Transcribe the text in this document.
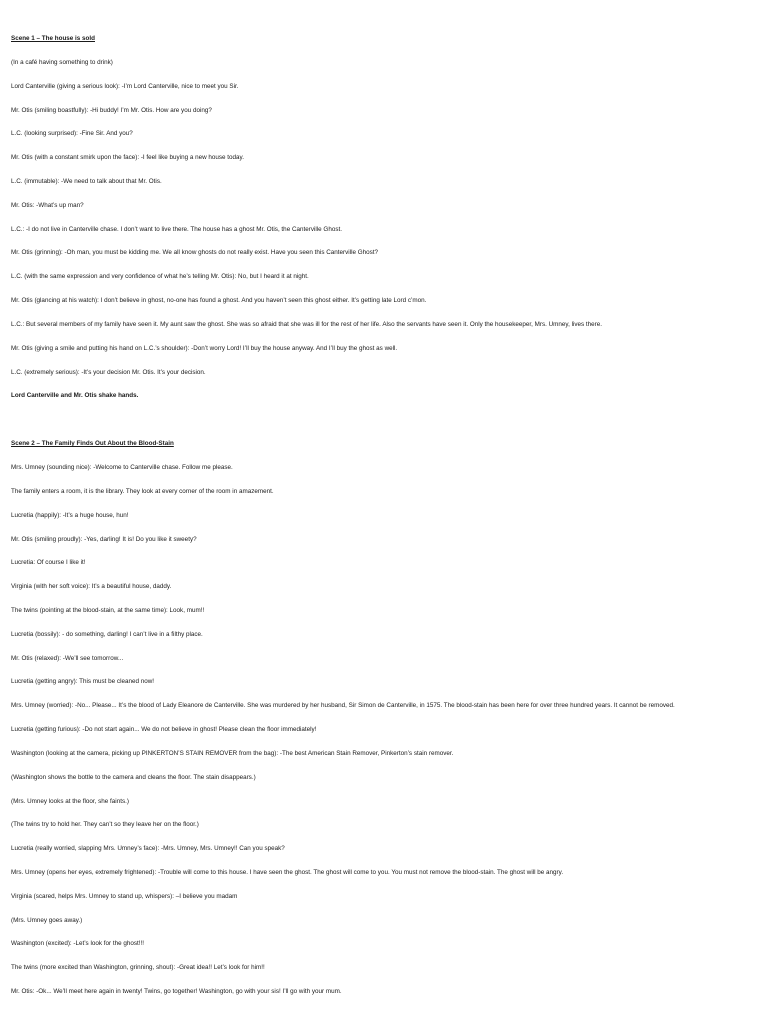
Scene 1 – The house is sold
(In a café having something to drink)
Lord Canterville (giving a serious look): -I’m Lord Canterville, nice to meet you Sir.
Mr. Otis (smiling boastfully): -Hi buddy! I’m Mr. Otis. How are you doing?
L.C. (looking surprised): -Fine Sir. And you?
Mr. Otis (with a constant smirk upon the face): -I feel like buying a new house today.
L.C. (immutable): -We need to talk about that Mr. Otis.
Mr. Otis: -What’s up man?
L.C.: -I do not live in Canterville chase. I don’t want to live there. The house has a ghost Mr. Otis, the Canterville Ghost.
Mr. Otis (grinning): -Oh man, you must be kidding me. We all know ghosts do not really exist. Have you seen this Canterville Ghost?
L.C. (with the same expression and very confidence of what he’s telling Mr. Otis): No, but I heard it at night.
Mr. Otis (glancing at his watch): I don’t believe in ghost, no-one has found a ghost. And you haven’t seen this ghost either. It’s getting late Lord c’mon.
L.C.: But several members of my family have seen it. My aunt saw the ghost. She was so afraid that she was ill for the rest of her life. Also the servants have seen it. Only the housekeeper, Mrs. Umney, lives there.
Mr. Otis (giving a smile and putting his hand on L.C.’s shoulder): -Don’t worry Lord! I’ll buy the house anyway. And I’ll buy the ghost as well.
L.C. (extremely serious): -It’s your decision Mr. Otis. It’s your decision.
Lord Canterville and Mr. Otis shake hands.
Scene 2 – The Family Finds Out About the Blood-Stain
Mrs. Umney (sounding nice): -Welcome to Canterville chase. Follow me please.
The family enters a room, it is the library. They look at every corner of the room in amazement.
Lucretia (happily): -It’s a huge house, hun!
Mr. Otis (smiling proudly): -Yes, darling! It is! Do you like it sweety?
Lucretia: Of course I like it!
Virginia (with her soft voice): It’s a beautiful house, daddy.
The twins (pointing at the blood-stain, at the same time): Look, mum!!
Lucretia (bossily): - do something, darling! I can’t live in a filthy place.
Mr. Otis (relaxed): -We’ll see tomorrow...
Lucretia (getting angry): This must be cleaned now!
Mrs. Umney (worried): -No... Please... It’s the blood of Lady Eleanore de Canterville. She was murdered by her husband, Sir Simon de Canterville, in 1575. The blood-stain has been here for over three hundred years. It cannot be removed.
Lucretia (getting furious): -Do not start again... We do not believe in ghost! Please clean the floor immediately!
Washington (looking at the camera, picking up PINKERTON’S STAIN REMOVER from the bag): -The best American Stain Remover, Pinkerton’s stain remover.
(Washington shows the bottle to the camera and cleans the floor. The stain disappears.)
(Mrs. Umney looks at the floor, she faints.)
(The twins try to hold her. They can’t so they leave her on the floor.)
Lucretia (really worried, slapping Mrs. Umney’s face): -Mrs. Umney, Mrs. Umney!! Can you speak?
Mrs. Umney (opens her eyes, extremely frightened): -Trouble will come to this house. I have seen the ghost. The ghost will come to you. You must not remove the blood-stain. The ghost will be angry.
Virginia (scared, helps Mrs. Umney to stand up, whispers): –I believe you madam
(Mrs. Umney goes away.)
Washington (excited): -Let’s look for the ghost!!!
The twins (more excited than Washington, grinning, shout): -Great idea!! Let’s look for him!!
Mr. Otis: -Ok... We’ll meet here again in twenty! Twins, go together! Washington, go with your sis! I’ll go with your mum.
